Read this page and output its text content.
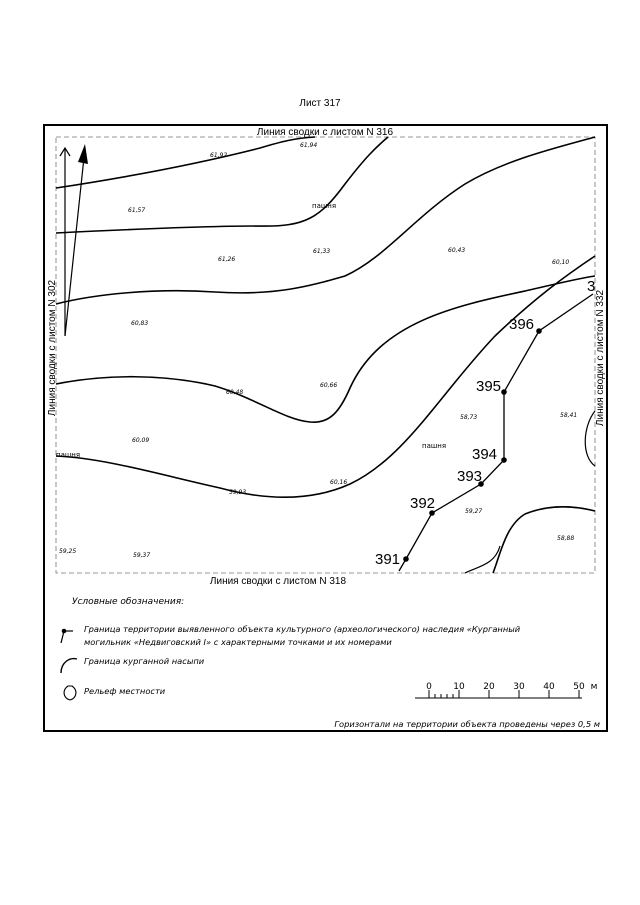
Лист 317
61,92
61,94
61,57
61,26
61,33	60,43
60,10
60,83
60,48
60,66
58,73	58,41
60,09
59,93
60,16
59,27
58,88
59,25
59,37
пашня
пашня
пашня
391
392
393
394
395
396
3
Линия сводки с листом N 316
Линия сводки с листом N 318
Линия сводки с листом N 302	Линия сводки с листом N 332
Условные обозначения:
Граница территории выявленного объекта культурного (археологического) наследия «Курганный
могильник «Недвиговский I» с характерными точками и их номерами
Граница курганной насыпи
Рельеф местности	0 10 20 30 40 50 м
Горизонтали на территории объекта проведены через 0,5 м
